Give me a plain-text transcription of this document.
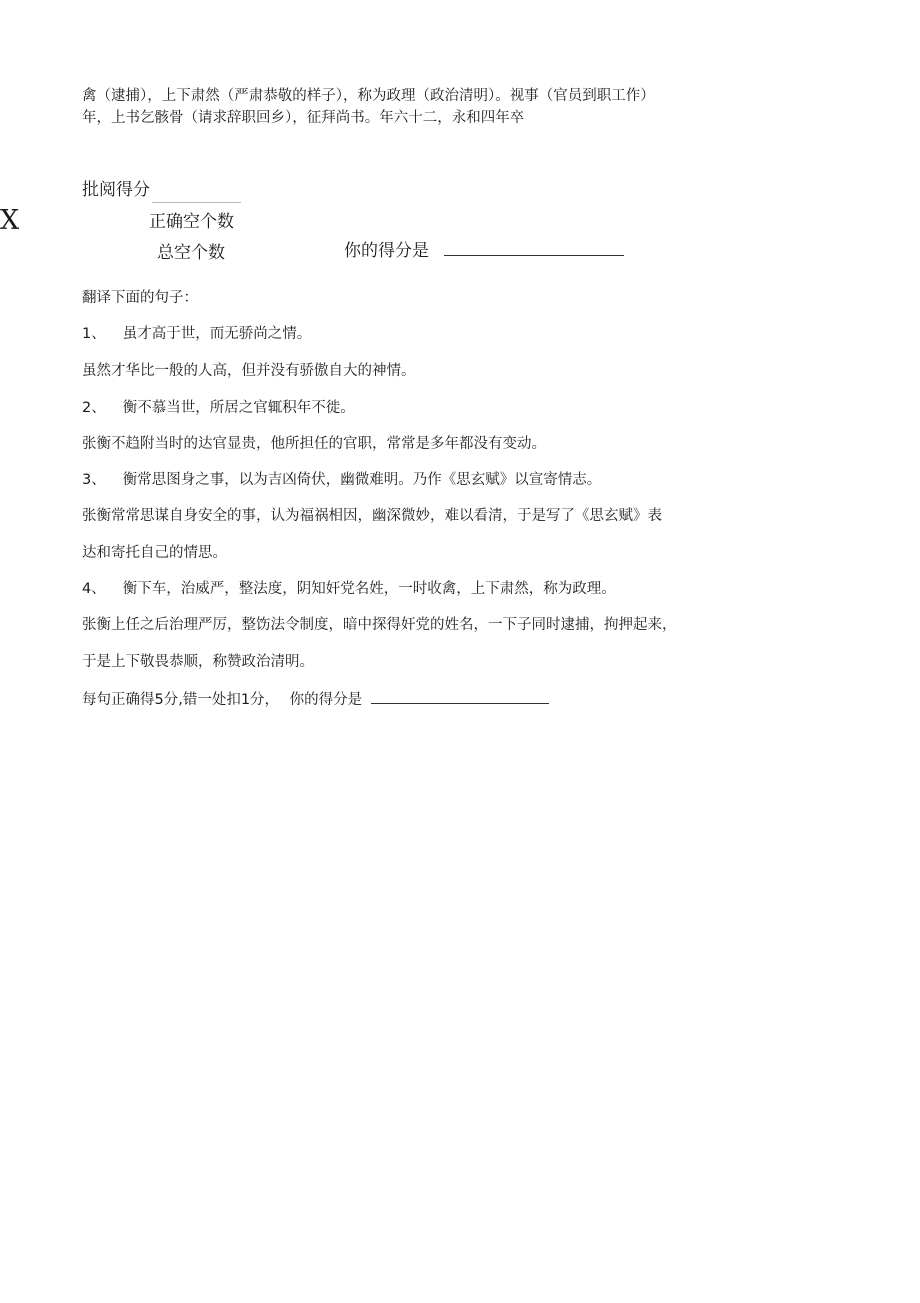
禽（逮捕），上下肃然（严肃恭敬的样子），称为政理（政治清明）。视事（官员到职工作）
年，上书乞骸骨（请求辞职回乡），征拜尚书。年六十二，永和四年卒
批阅得分
X	正确空个数
总空个数	你的得分是
翻译下面的句子：
1、 虽才高于世，而无骄尚之情。
虽然才华比一般的人高，但并没有骄傲自大的神情。
2、 衡不慕当世，所居之官辄积年不徙。
张衡不趋附当时的达官显贵，他所担任的官职，常常是多年都没有变动。
3、 衡常思图身之事，以为吉凶倚伏，幽微难明。乃作《思玄赋》以宣寄情志。
张衡常常思谋自身安全的事，认为福祸相因，幽深微妙，难以看清，于是写了《思玄赋》表
达和寄托自己的情思。
4、 衡下车，治威严，整法度，阴知奸党名姓，一时收禽，上下肃然，称为政理。
张衡上任之后治理严厉，整饬法令制度，暗中探得奸党的姓名，一下子同时逮捕，拘押起来，
于是上下敬畏恭顺，称赞政治清明。
每句正确得5分,错一处扣1分， 你的得分是
